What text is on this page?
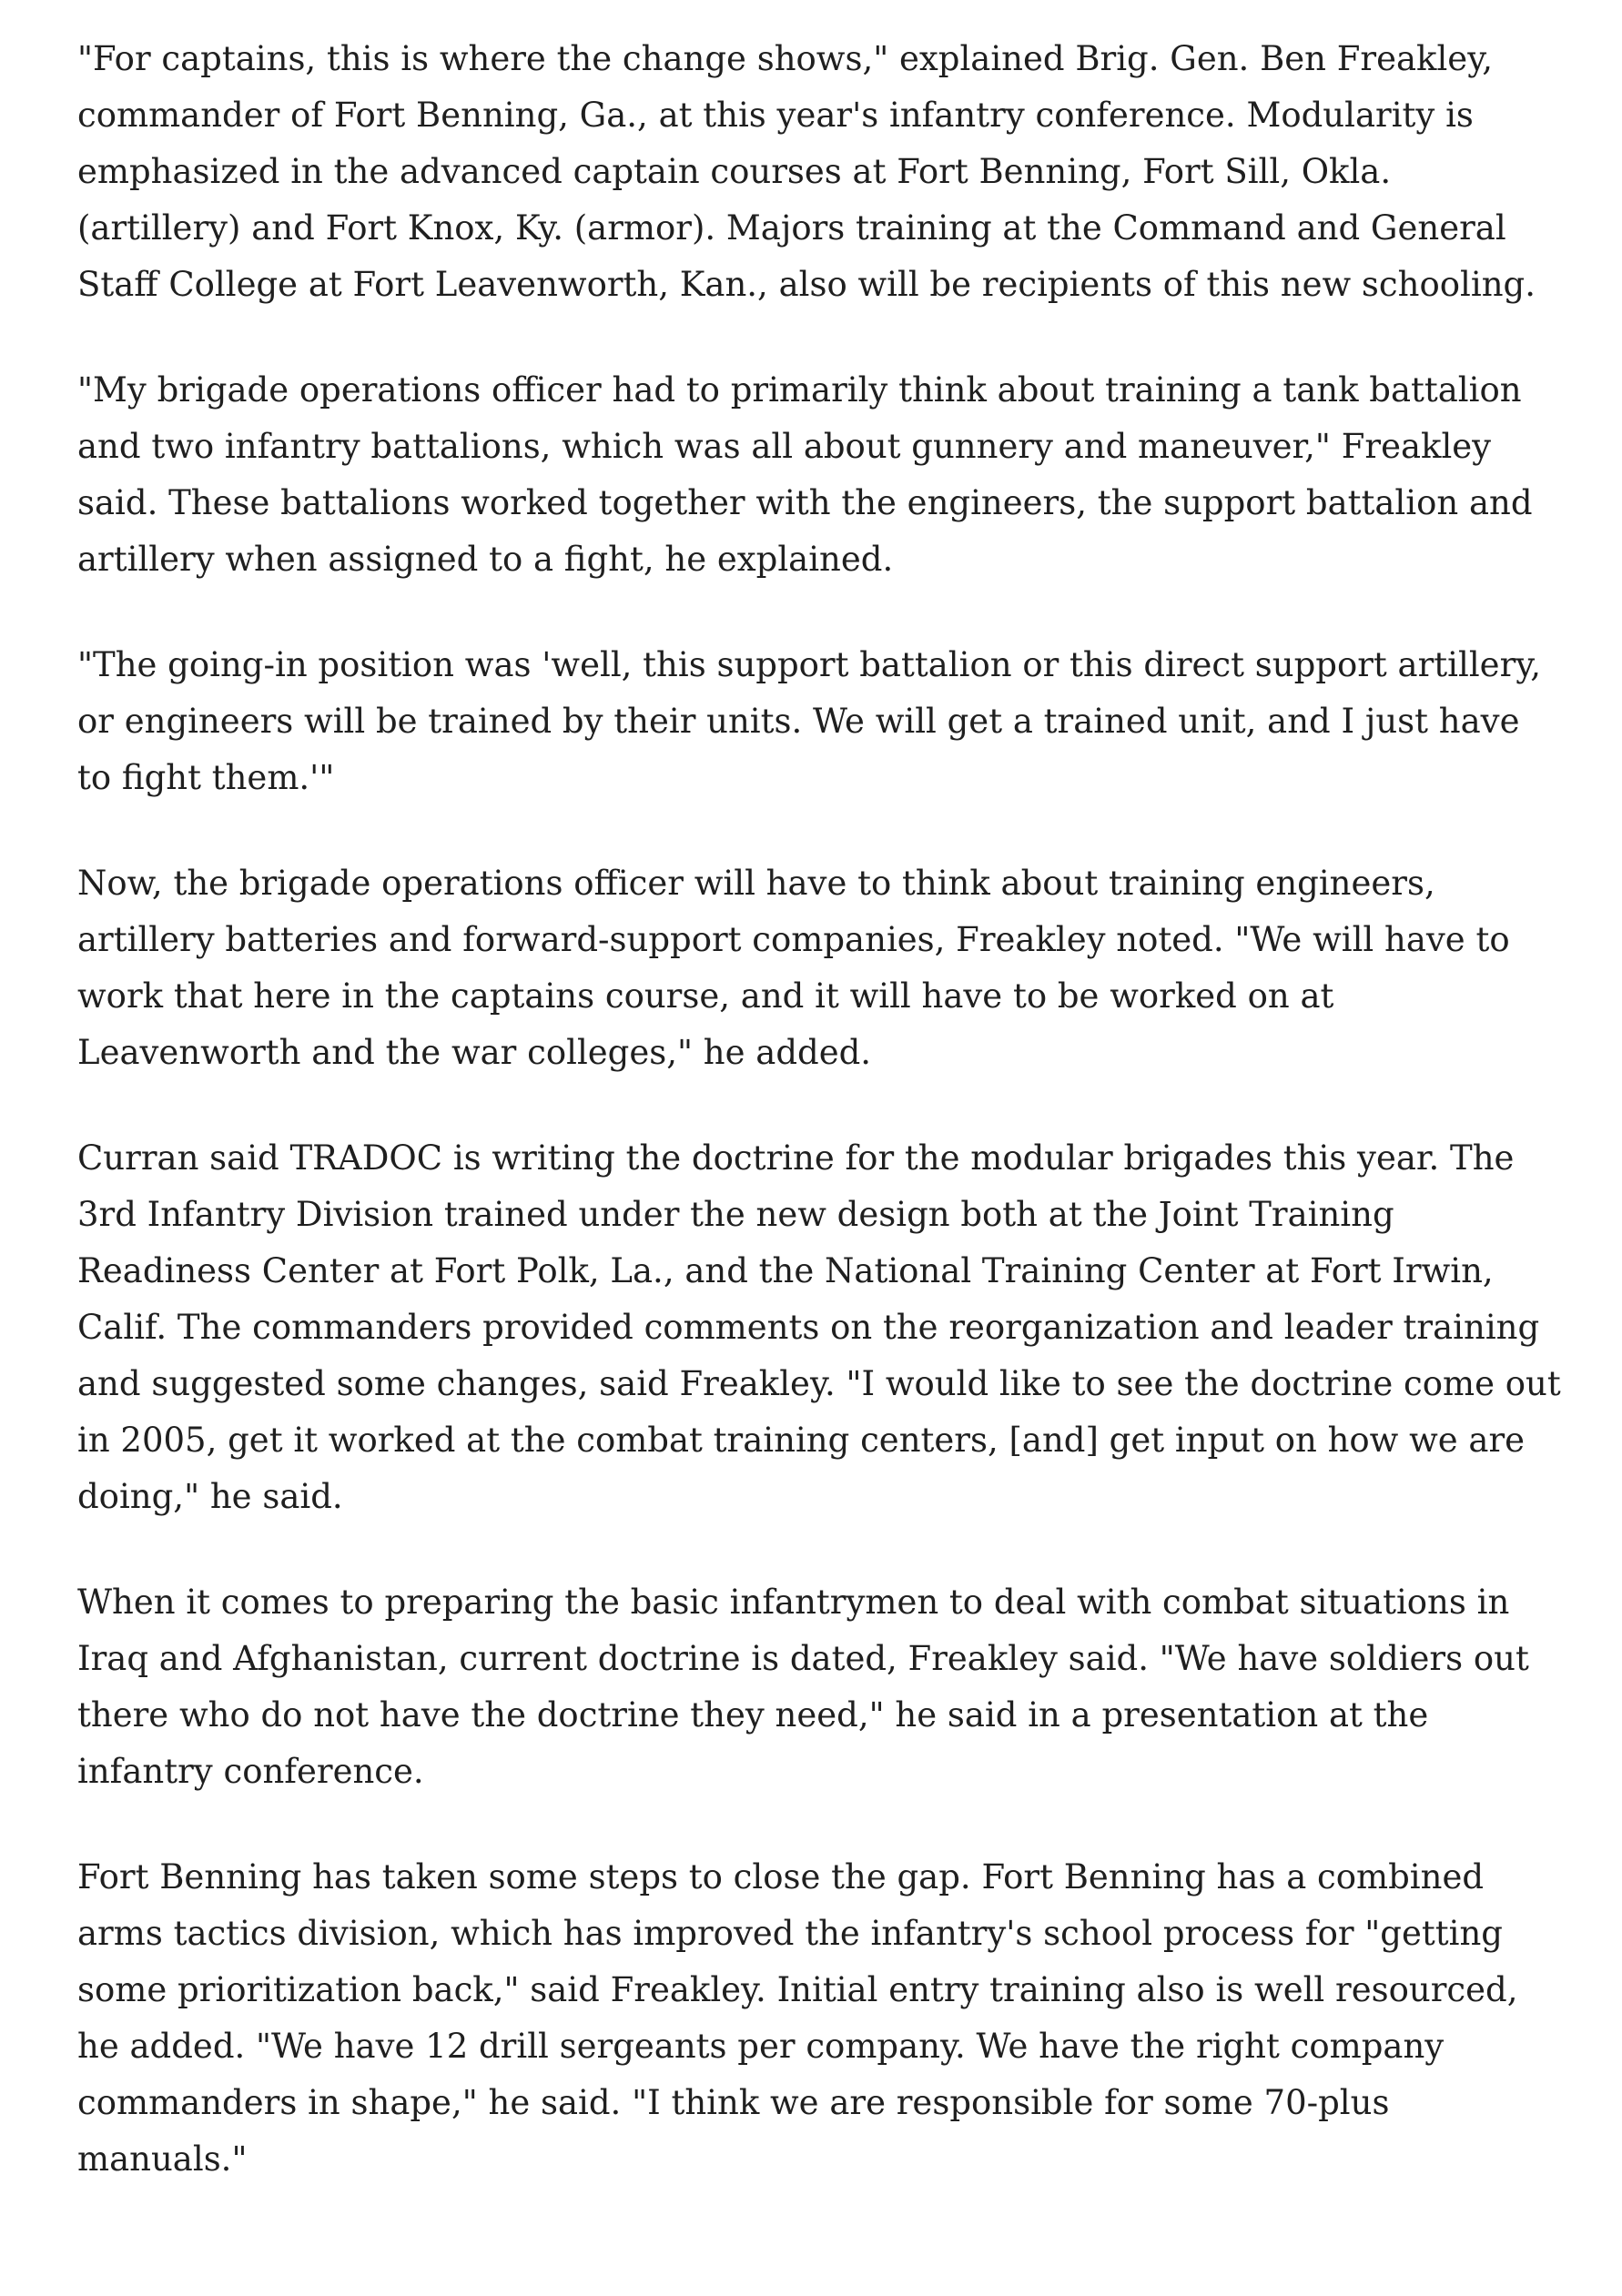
"For captains, this is where the change shows," explained Brig. Gen. Ben Freakley, commander of Fort Benning, Ga., at this year's infantry conference. Modularity is emphasized in the advanced captain courses at Fort Benning, Fort Sill, Okla. (artillery) and Fort Knox, Ky. (armor). Majors training at the Command and General Staff College at Fort Leavenworth, Kan., also will be recipients of this new schooling.

"My brigade operations officer had to primarily think about training a tank battalion and two infantry battalions, which was all about gunnery and maneuver," Freakley said. These battalions worked together with the engineers, the support battalion and artillery when assigned to a fight, he explained.

"The going-in position was 'well, this support battalion or this direct support artillery, or engineers will be trained by their units. We will get a trained unit, and I just have to fight them.'"

Now, the brigade operations officer will have to think about training engineers, artillery batteries and forward-support companies, Freakley noted. "We will have to work that here in the captains course, and it will have to be worked on at Leavenworth and the war colleges," he added.

Curran said TRADOC is writing the doctrine for the modular brigades this year. The 3rd Infantry Division trained under the new design both at the Joint Training Readiness Center at Fort Polk, La., and the National Training Center at Fort Irwin, Calif. The commanders provided comments on the reorganization and leader training and suggested some changes, said Freakley. "I would like to see the doctrine come out in 2005, get it worked at the combat training centers, [and] get input on how we are doing," he said.

When it comes to preparing the basic infantrymen to deal with combat situations in Iraq and Afghanistan, current doctrine is dated, Freakley said. "We have soldiers out there who do not have the doctrine they need," he said in a presentation at the infantry conference.

Fort Benning has taken some steps to close the gap. Fort Benning has a combined arms tactics division, which has improved the infantry's school process for "getting some prioritization back," said Freakley. Initial entry training also is well resourced, he added. "We have 12 drill sergeants per company. We have the right company commanders in shape," he said. "I think we are responsible for some 70-plus manuals."
